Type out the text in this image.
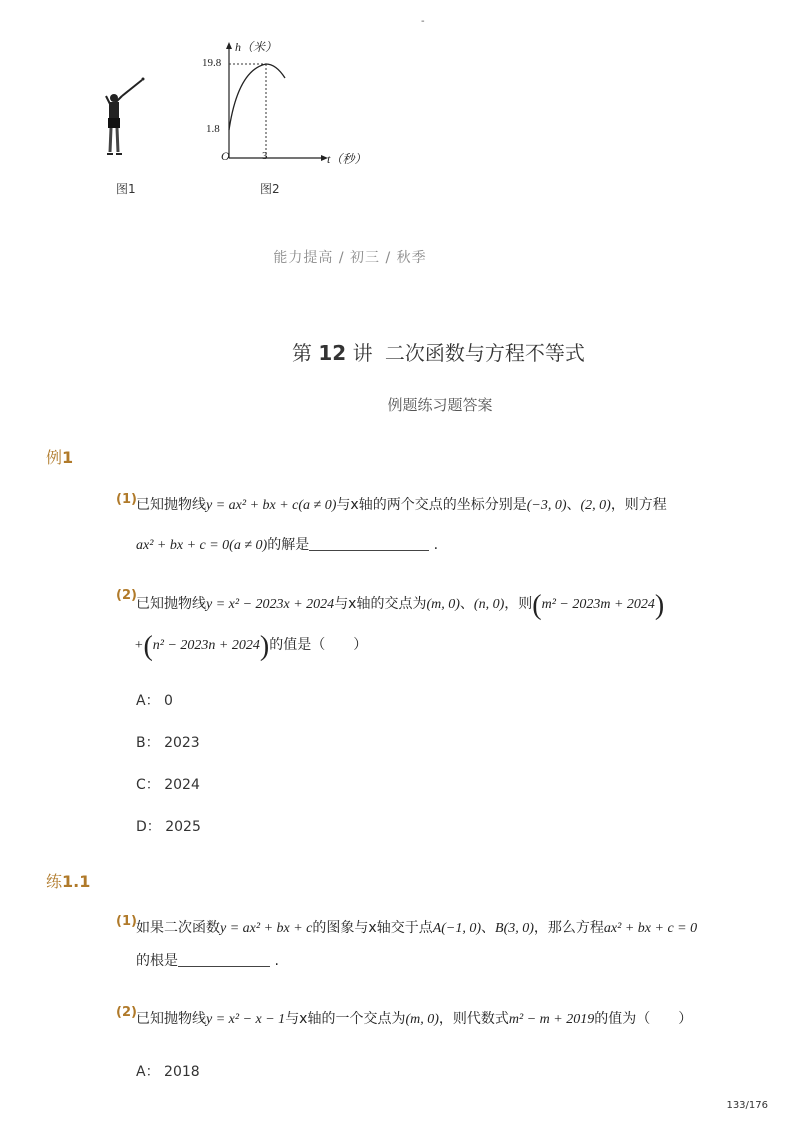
-
图1
h（米）
19.8
1.8
O	3	t（秒）
图2
能力提高 / 初三 / 秋季
第 12 讲 二次函数与方程不等式
例题练习题答案
例1
(1) 已知抛物线y = ax² + bx + c(a ≠ 0)与x轴的两个交点的坐标分别是(−3, 0)、(2, 0)，则方程
ax² + bx + c = 0(a ≠ 0)的解是	.
(2)
已知抛物线y = x² − 2023x + 2024与x轴的交点为(m, 0)、(n, 0)，则(m² − 2023m + 2024)
+(n² − 2023n + 2024)的值是（　　）
A： 0
B： 2023
C： 2024
D： 2025
练1.1
(1) 如果二次函数y = ax² + bx + c的图象与x轴交于点A(−1, 0)、B(3, 0)，那么方程ax² + bx + c = 0
的根是	.
(2) 已知抛物线y = x² − x − 1与x轴的一个交点为(m, 0)，则代数式m² − m + 2019的值为（　　）
A： 2018
133/176
